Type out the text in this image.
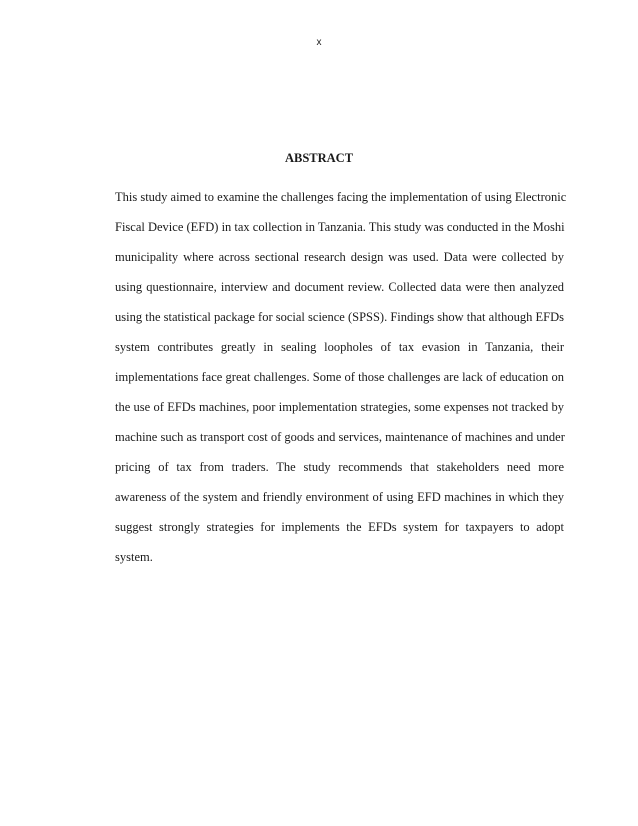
x
ABSTRACT
This study aimed to examine the challenges facing the implementation of using Electronic
Fiscal Device (EFD) in tax collection in Tanzania. This study was conducted in the Moshi
municipality where across sectional research design was used. Data were collected by
using questionnaire, interview and document review. Collected data were then analyzed
using the statistical package for social science (SPSS). Findings show that although EFDs
system contributes greatly in sealing loopholes of tax evasion in Tanzania, their
implementations face great challenges. Some of those challenges are lack of education on
the use of EFDs machines, poor implementation strategies, some expenses not tracked by
machine such as transport cost of goods and services, maintenance of machines and under
pricing of tax from traders. The study recommends that stakeholders need more
awareness of the system and friendly environment of using EFD machines in which they
suggest strongly strategies for implements the EFDs system for taxpayers to adopt
system.
